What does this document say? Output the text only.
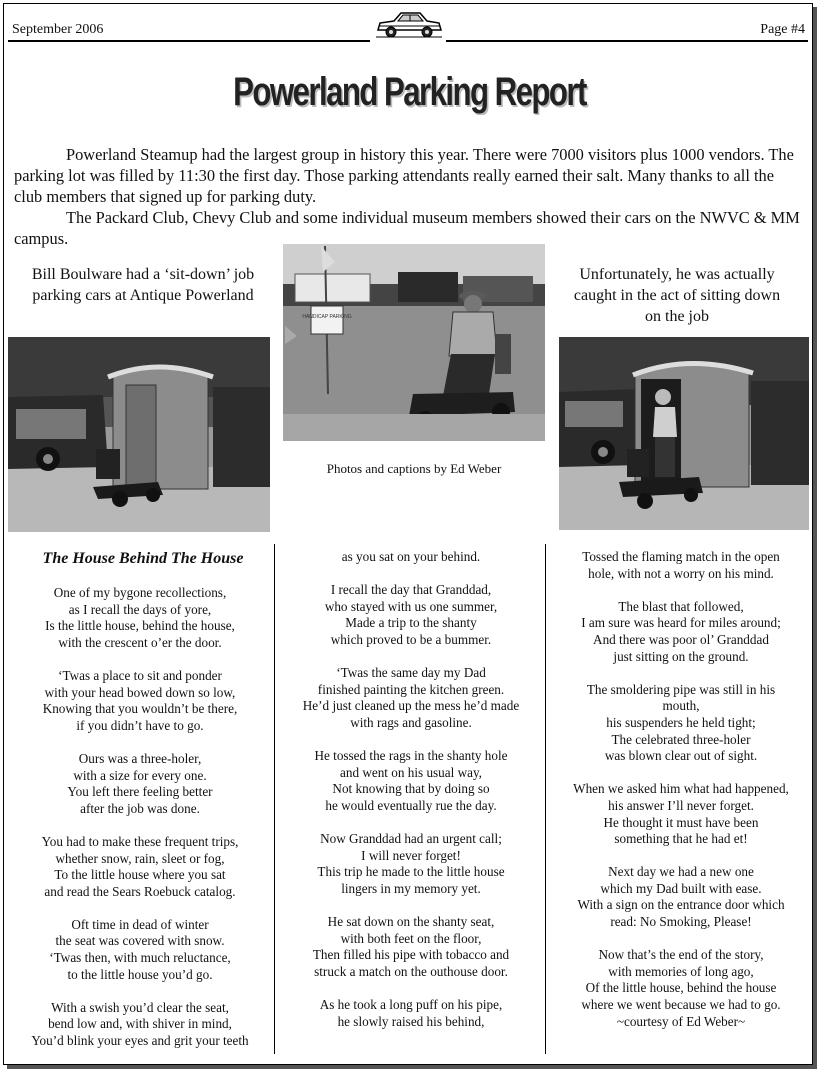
September 2006	Page #4
Powerland Parking Report

Powerland Steamup had the largest group in history this year. There were 7000 visitors plus 1000 vendors. The parking lot was filled by 11:30 the first day. Those parking attendants really earned their salt. Many thanks to all the club members that signed up for parking duty.

The Packard Club, Chevy Club and some individual museum members showed their cars on the NWVC & MM campus.

Bill Boulware had a ‘sit-down’ job parking cars at Antique Powerland
Unfortunately, he was actually caught in the act of sitting down on the job
HANDICAP PARKING
Photos and captions by Ed Weber
The House Behind The House

One of my bygone recollections,
as I recall the days of yore,
Is the little house, behind the house,
with the crescent o’er the door.

‘Twas a place to sit and ponder
with your head bowed down so low,
Knowing that you wouldn’t be there,
if you didn’t have to go.

Ours was a three-holer,
with a size for every one.
You left there feeling better
after the job was done.

You had to make these frequent trips,
whether snow, rain, sleet or fog,
To the little house where you sat
and read the Sears Roebuck catalog.

Oft time in dead of winter
the seat was covered with snow.
‘Twas then, with much reluctance,
to the little house you’d go.

With a swish you’d clear the seat,
bend low and, with shiver in mind,
You’d blink your eyes and grit your teeth

as you sat on your behind.

I recall the day that Granddad,
who stayed with us one summer,
Made a trip to the shanty
which proved to be a bummer.

‘Twas the same day my Dad
finished painting the kitchen green.
He’d just cleaned up the mess he’d made
with rags and gasoline.

He tossed the rags in the shanty hole
and went on his usual way,
Not knowing that by doing so
he would eventually rue the day.

Now Granddad had an urgent call;
I will never forget!
This trip he made to the little house
lingers in my memory yet.

He sat down on the shanty seat,
with both feet on the floor,
Then filled his pipe with tobacco and
struck a match on the outhouse door.

As he took a long puff on his pipe,
he slowly raised his behind,

Tossed the flaming match in the open
hole, with not a worry on his mind.

The blast that followed,
I am sure was heard for miles around;
And there was poor ol’ Granddad
just sitting on the ground.

The smoldering pipe was still in his
mouth,
his suspenders he held tight;
The celebrated three-holer
was blown clear out of sight.

When we asked him what had happened,
his answer I’ll never forget.
He thought it must have been
something that he had et!

Next day we had a new one
which my Dad built with ease.
With a sign on the entrance door which
read: No Smoking, Please!

Now that’s the end of the story,
with memories of long ago,
Of the little house, behind the house
where we went because we had to go.
~courtesy of Ed Weber~
